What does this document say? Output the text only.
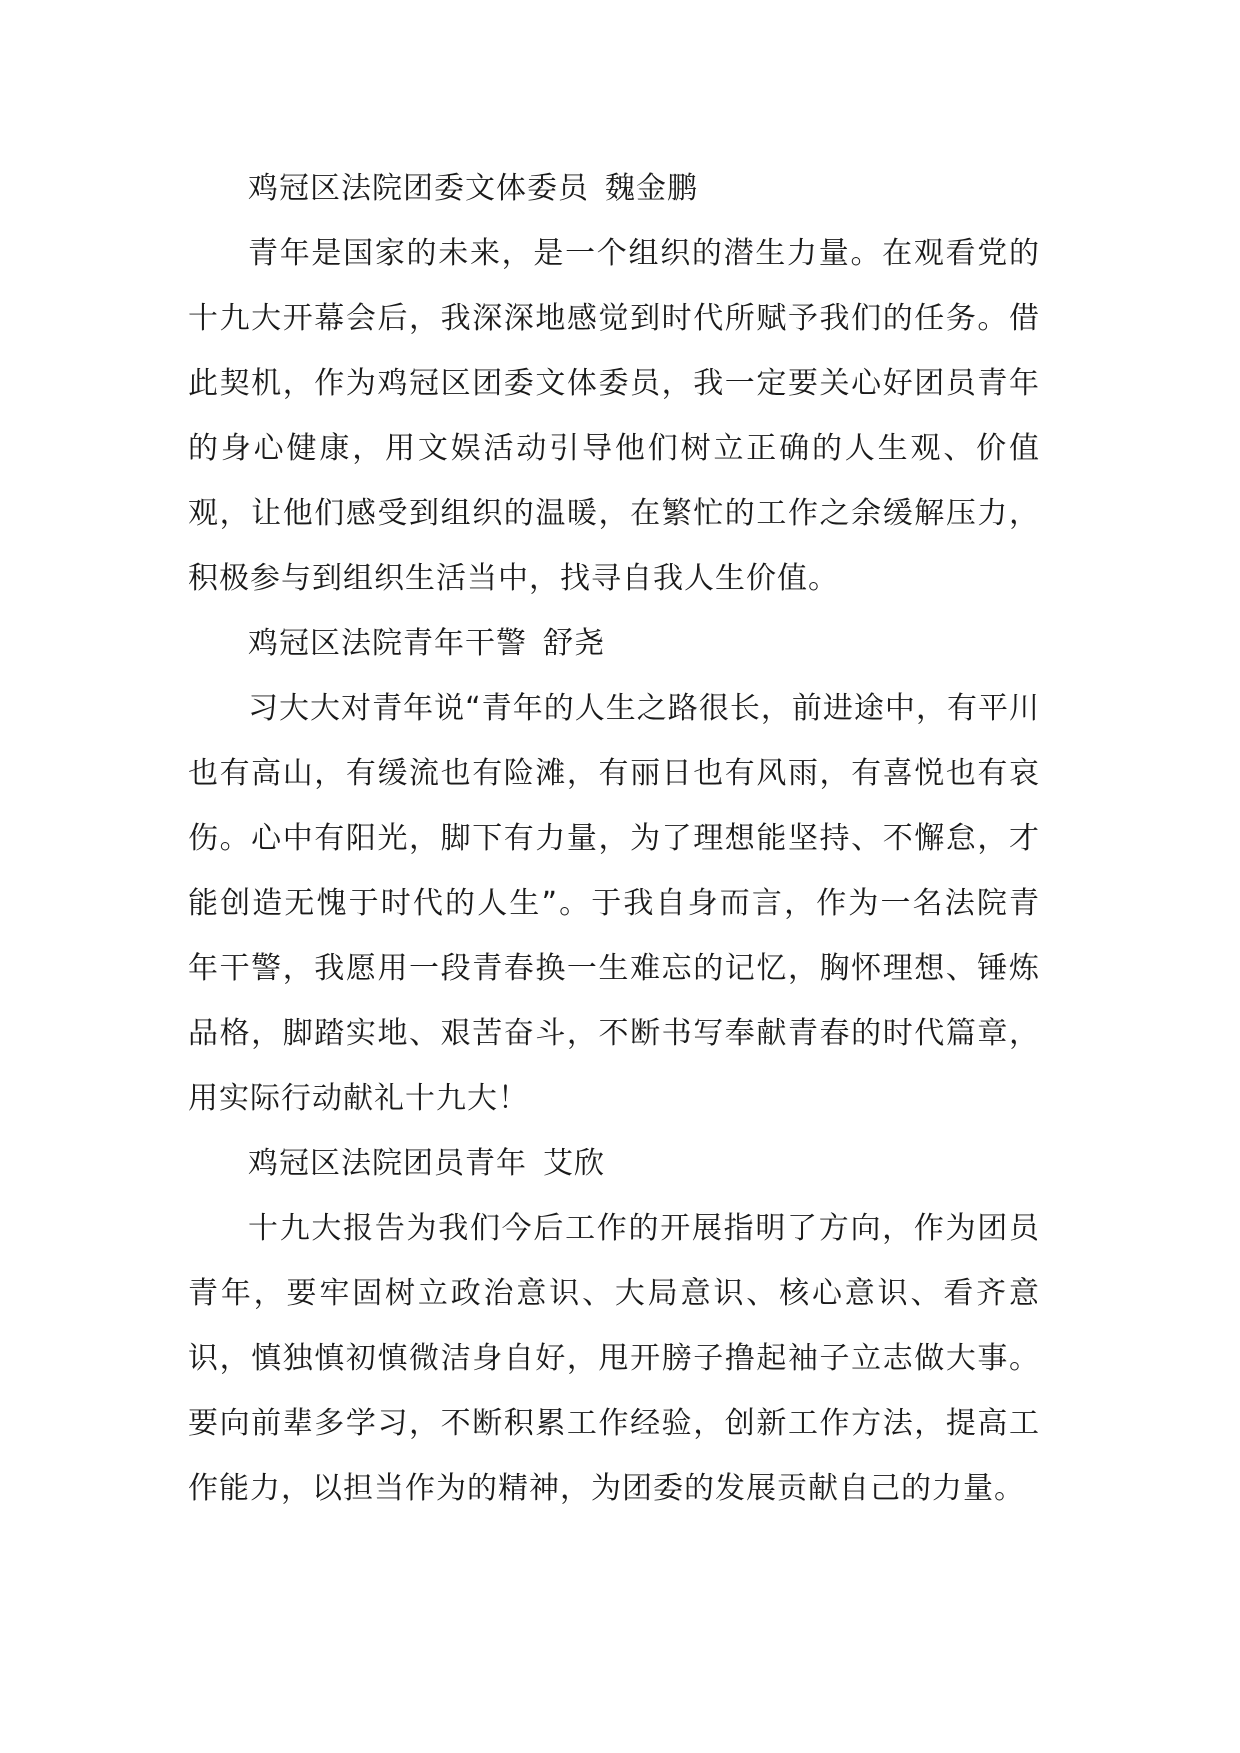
鸡冠区法院团委文体委员 魏金鹏

青年是国家的未来，是一个组织的潜生力量。在观看党的十九大开幕会后，我深深地感觉到时代所赋予我们的任务。借此契机，作为鸡冠区团委文体委员，我一定要关心好团员青年的身心健康，用文娱活动引导他们树立正确的人生观、价值观，让他们感受到组织的温暖，在繁忙的工作之余缓解压力，积极参与到组织生活当中，找寻自我人生价值。

鸡冠区法院青年干警 舒尧

习大大对青年说“青年的人生之路很长，前进途中，有平川也有高山，有缓流也有险滩，有丽日也有风雨，有喜悦也有哀伤。心中有阳光，脚下有力量，为了理想能坚持、不懈怠，才能创造无愧于时代的人生”。于我自身而言，作为一名法院青年干警，我愿用一段青春换一生难忘的记忆，胸怀理想、锤炼品格，脚踏实地、艰苦奋斗，不断书写奉献青春的时代篇章，用实际行动献礼十九大！

鸡冠区法院团员青年 艾欣

十九大报告为我们今后工作的开展指明了方向，作为团员青年，要牢固树立政治意识、大局意识、核心意识、看齐意识，慎独慎初慎微洁身自好，甩开膀子撸起袖子立志做大事。要向前辈多学习，不断积累工作经验，创新工作方法，提高工作能力，以担当作为的精神，为团委的发展贡献自己的力量。
